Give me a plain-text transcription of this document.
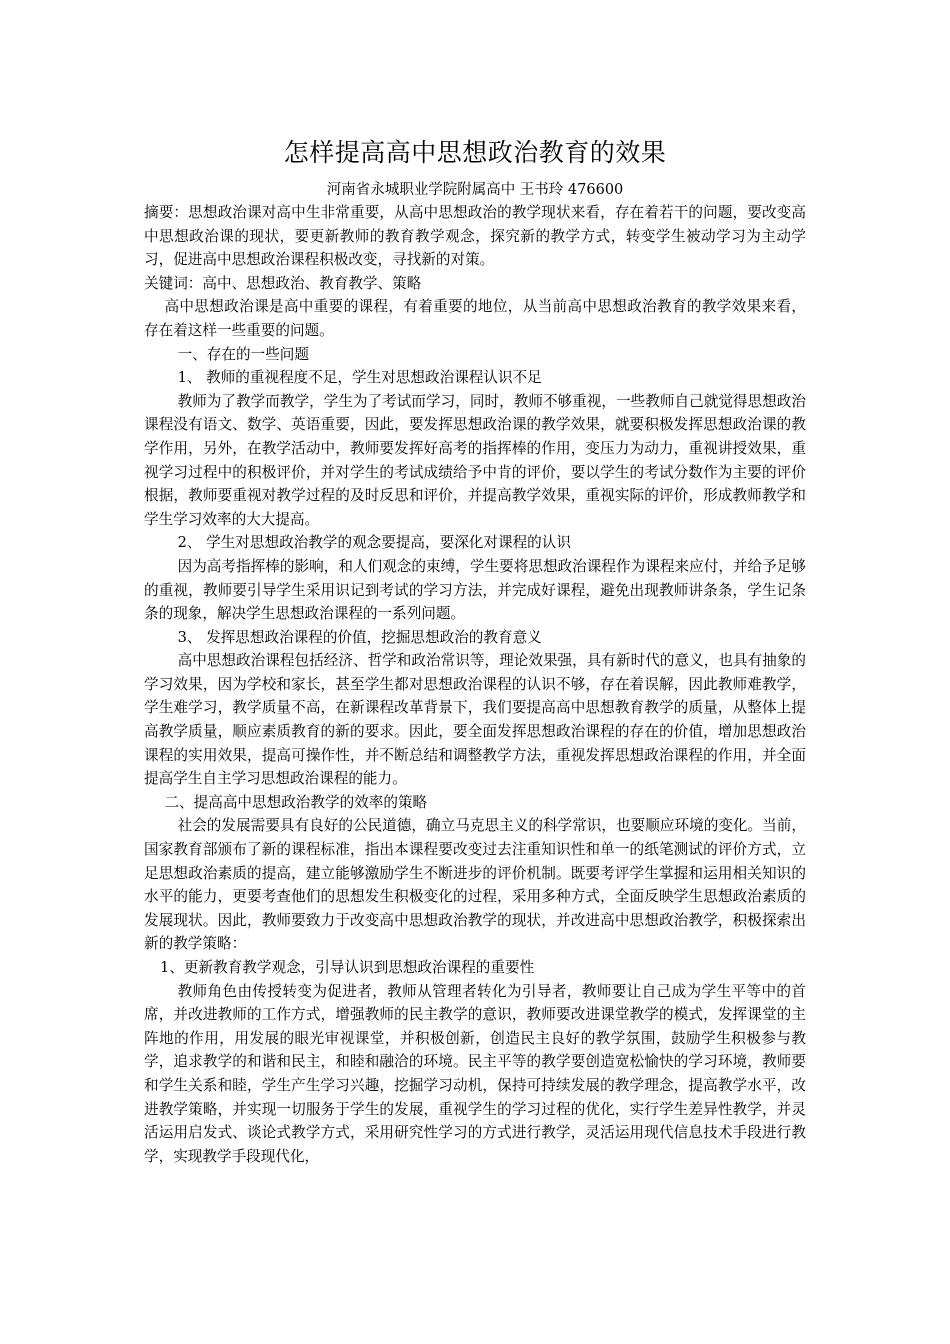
怎样提高高中思想政治教育的效果
河南省永城职业学院附属高中 王书玲 476600

摘要：思想政治课对高中生非常重要，从高中思想政治的教学现状来看，存在着若干的问题，要改变高中思想政治课的现状，要更新教师的教育教学观念，探究新的教学方式，转变学生被动学习为主动学习，促进高中思想政治课程积极改变，寻找新的对策。

关键词：高中、思想政治、教育教学、策略

高中思想政治课是高中重要的课程，有着重要的地位，从当前高中思想政治教育的教学效果来看，存在着这样一些重要的问题。

一、存在的一些问题

1、 教师的重视程度不足，学生对思想政治课程认识不足

教师为了教学而教学，学生为了考试而学习，同时，教师不够重视，一些教师自己就觉得思想政治课程没有语文、数学、英语重要，因此，要发挥思想政治课的教学效果，就要积极发挥思想政治课的教学作用，另外，在教学活动中，教师要发挥好高考的指挥棒的作用，变压力为动力，重视讲授效果，重视学习过程中的积极评价，并对学生的考试成绩给予中肯的评价，要以学生的考试分数作为主要的评价根据，教师要重视对教学过程的及时反思和评价，并提高教学效果，重视实际的评价，形成教师教学和学生学习效率的大大提高。

2、 学生对思想政治教学的观念要提高，要深化对课程的认识

因为高考指挥棒的影响，和人们观念的束缚，学生要将思想政治课程作为课程来应付，并给予足够的重视，教师要引导学生采用识记到考试的学习方法，并完成好课程，避免出现教师讲条条，学生记条条的现象，解决学生思想政治课程的一系列问题。

3、 发挥思想政治课程的价值，挖掘思想政治的教育意义

高中思想政治课程包括经济、哲学和政治常识等，理论效果强，具有新时代的意义，也具有抽象的学习效果，因为学校和家长，甚至学生都对思想政治课程的认识不够，存在着误解，因此教师难教学，学生难学习，教学质量不高，在新课程改革背景下，我们要提高高中思想教育教学的质量，从整体上提高教学质量，顺应素质教育的新的要求。因此，要全面发挥思想政治课程的存在的价值，增加思想政治课程的实用效果，提高可操作性，并不断总结和调整教学方法，重视发挥思想政治课程的作用，并全面提高学生自主学习思想政治课程的能力。

二、提高高中思想政治教学的效率的策略

社会的发展需要具有良好的公民道德，确立马克思主义的科学常识，也要顺应环境的变化。当前，国家教育部颁布了新的课程标准，指出本课程要改变过去注重知识性和单一的纸笔测试的评价方式，立足思想政治素质的提高，建立能够激励学生不断进步的评价机制。既要考评学生掌握和运用相关知识的水平的能力，更要考查他们的思想发生积极变化的过程，采用多种方式，全面反映学生思想政治素质的发展现状。因此，教师要致力于改变高中思想政治教学的现状，并改进高中思想政治教学，积极探索出新的教学策略：

1、更新教育教学观念，引导认识到思想政治课程的重要性

教师角色由传授转变为促进者，教师从管理者转化为引导者，教师要让自己成为学生平等中的首席，并改进教师的工作方式，增强教师的民主教学的意识，教师要改进课堂教学的模式，发挥课堂的主阵地的作用，用发展的眼光审视课堂，并积极创新，创造民主良好的教学氛围，鼓励学生积极参与教学，追求教学的和谐和民主，和睦和融洽的环境。民主平等的教学要创造宽松愉快的学习环境，教师要和学生关系和睦，学生产生学习兴趣，挖掘学习动机，保持可持续发展的教学理念，提高教学水平，改进教学策略，并实现一切服务于学生的发展，重视学生的学习过程的优化，实行学生差异性教学，并灵活运用启发式、谈论式教学方式，采用研究性学习的方式进行教学，灵活运用现代信息技术手段进行教学，实现教学手段现代化，
